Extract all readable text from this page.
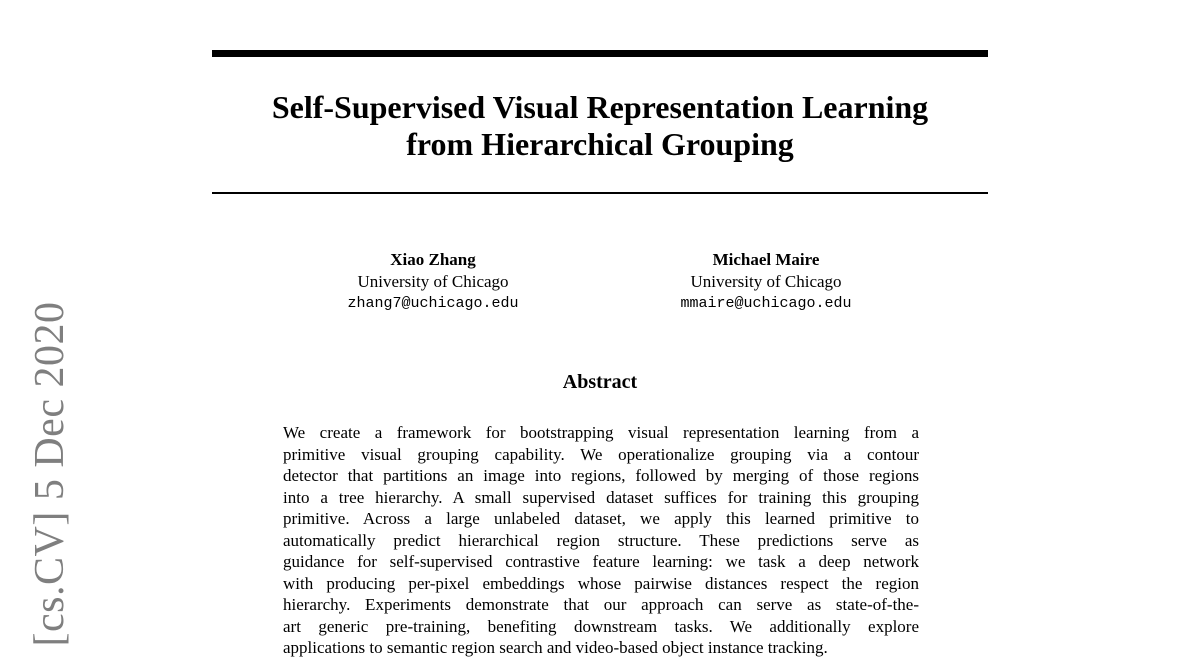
[cs.CV] 5 Dec 2020
Self-Supervised Visual Representation Learning
from Hierarchical Grouping
Xiao Zhang
University of Chicago
zhang7@uchicago.edu
Michael Maire
University of Chicago
mmaire@uchicago.edu
Abstract
We create a framework for bootstrapping visual representation learning from a
primitive visual grouping capability. We operationalize grouping via a contour
detector that partitions an image into regions, followed by merging of those regions
into a tree hierarchy. A small supervised dataset suffices for training this grouping
primitive. Across a large unlabeled dataset, we apply this learned primitive to
automatically predict hierarchical region structure. These predictions serve as
guidance for self-supervised contrastive feature learning: we task a deep network
with producing per-pixel embeddings whose pairwise distances respect the region
hierarchy. Experiments demonstrate that our approach can serve as state-of-the-
art generic pre-training, benefiting downstream tasks. We additionally explore
applications to semantic region search and video-based object instance tracking.
